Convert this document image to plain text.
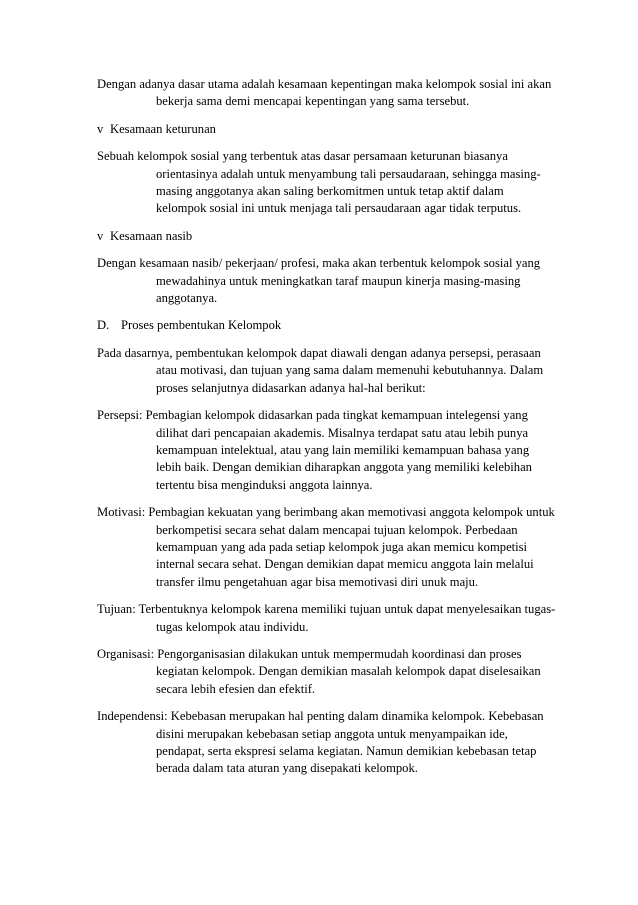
Dengan adanya dasar utama adalah kesamaan kepentingan maka kelompok sosial ini akan bekerja sama demi mencapai kepentingan yang sama tersebut.

v Kesamaan keturunan

Sebuah kelompok sosial yang terbentuk atas dasar persamaan keturunan biasanya orientasinya adalah untuk menyambung tali persaudaraan, sehingga masing-masing anggotanya akan saling berkomitmen untuk tetap aktif dalam kelompok sosial ini untuk menjaga tali persaudaraan agar tidak terputus.

v Kesamaan nasib

Dengan kesamaan nasib/ pekerjaan/ profesi, maka akan terbentuk kelompok sosial yang mewadahinya untuk meningkatkan taraf maupun kinerja masing-masing anggotanya.

D. Proses pembentukan Kelompok

Pada dasarnya, pembentukan kelompok dapat diawali dengan adanya persepsi, perasaan atau motivasi, dan tujuan yang sama dalam memenuhi kebutuhannya. Dalam proses selanjutnya didasarkan adanya hal-hal berikut:

Persepsi: Pembagian kelompok didasarkan pada tingkat kemampuan intelegensi yang dilihat dari pencapaian akademis. Misalnya terdapat satu atau lebih punya kemampuan intelektual, atau yang lain memiliki kemampuan bahasa yang lebih baik. Dengan demikian diharapkan anggota yang memiliki kelebihan tertentu bisa menginduksi anggota lainnya.

Motivasi: Pembagian kekuatan yang berimbang akan memotivasi anggota kelompok untuk berkompetisi secara sehat dalam mencapai tujuan kelompok. Perbedaan kemampuan yang ada pada setiap kelompok juga akan memicu kompetisi internal secara sehat. Dengan demikian dapat memicu anggota lain melalui transfer ilmu pengetahuan agar bisa memotivasi diri unuk maju.

Tujuan: Terbentuknya kelompok karena memiliki tujuan untuk dapat menyelesaikan tugas-tugas kelompok atau individu.

Organisasi: Pengorganisasian dilakukan untuk mempermudah koordinasi dan proses kegiatan kelompok. Dengan demikian masalah kelompok dapat diselesaikan secara lebih efesien dan efektif.

Independensi: Kebebasan merupakan hal penting dalam dinamika kelompok. Kebebasan disini merupakan kebebasan setiap anggota untuk menyampaikan ide, pendapat, serta ekspresi selama kegiatan. Namun demikian kebebasan tetap berada dalam tata aturan yang disepakati kelompok.
